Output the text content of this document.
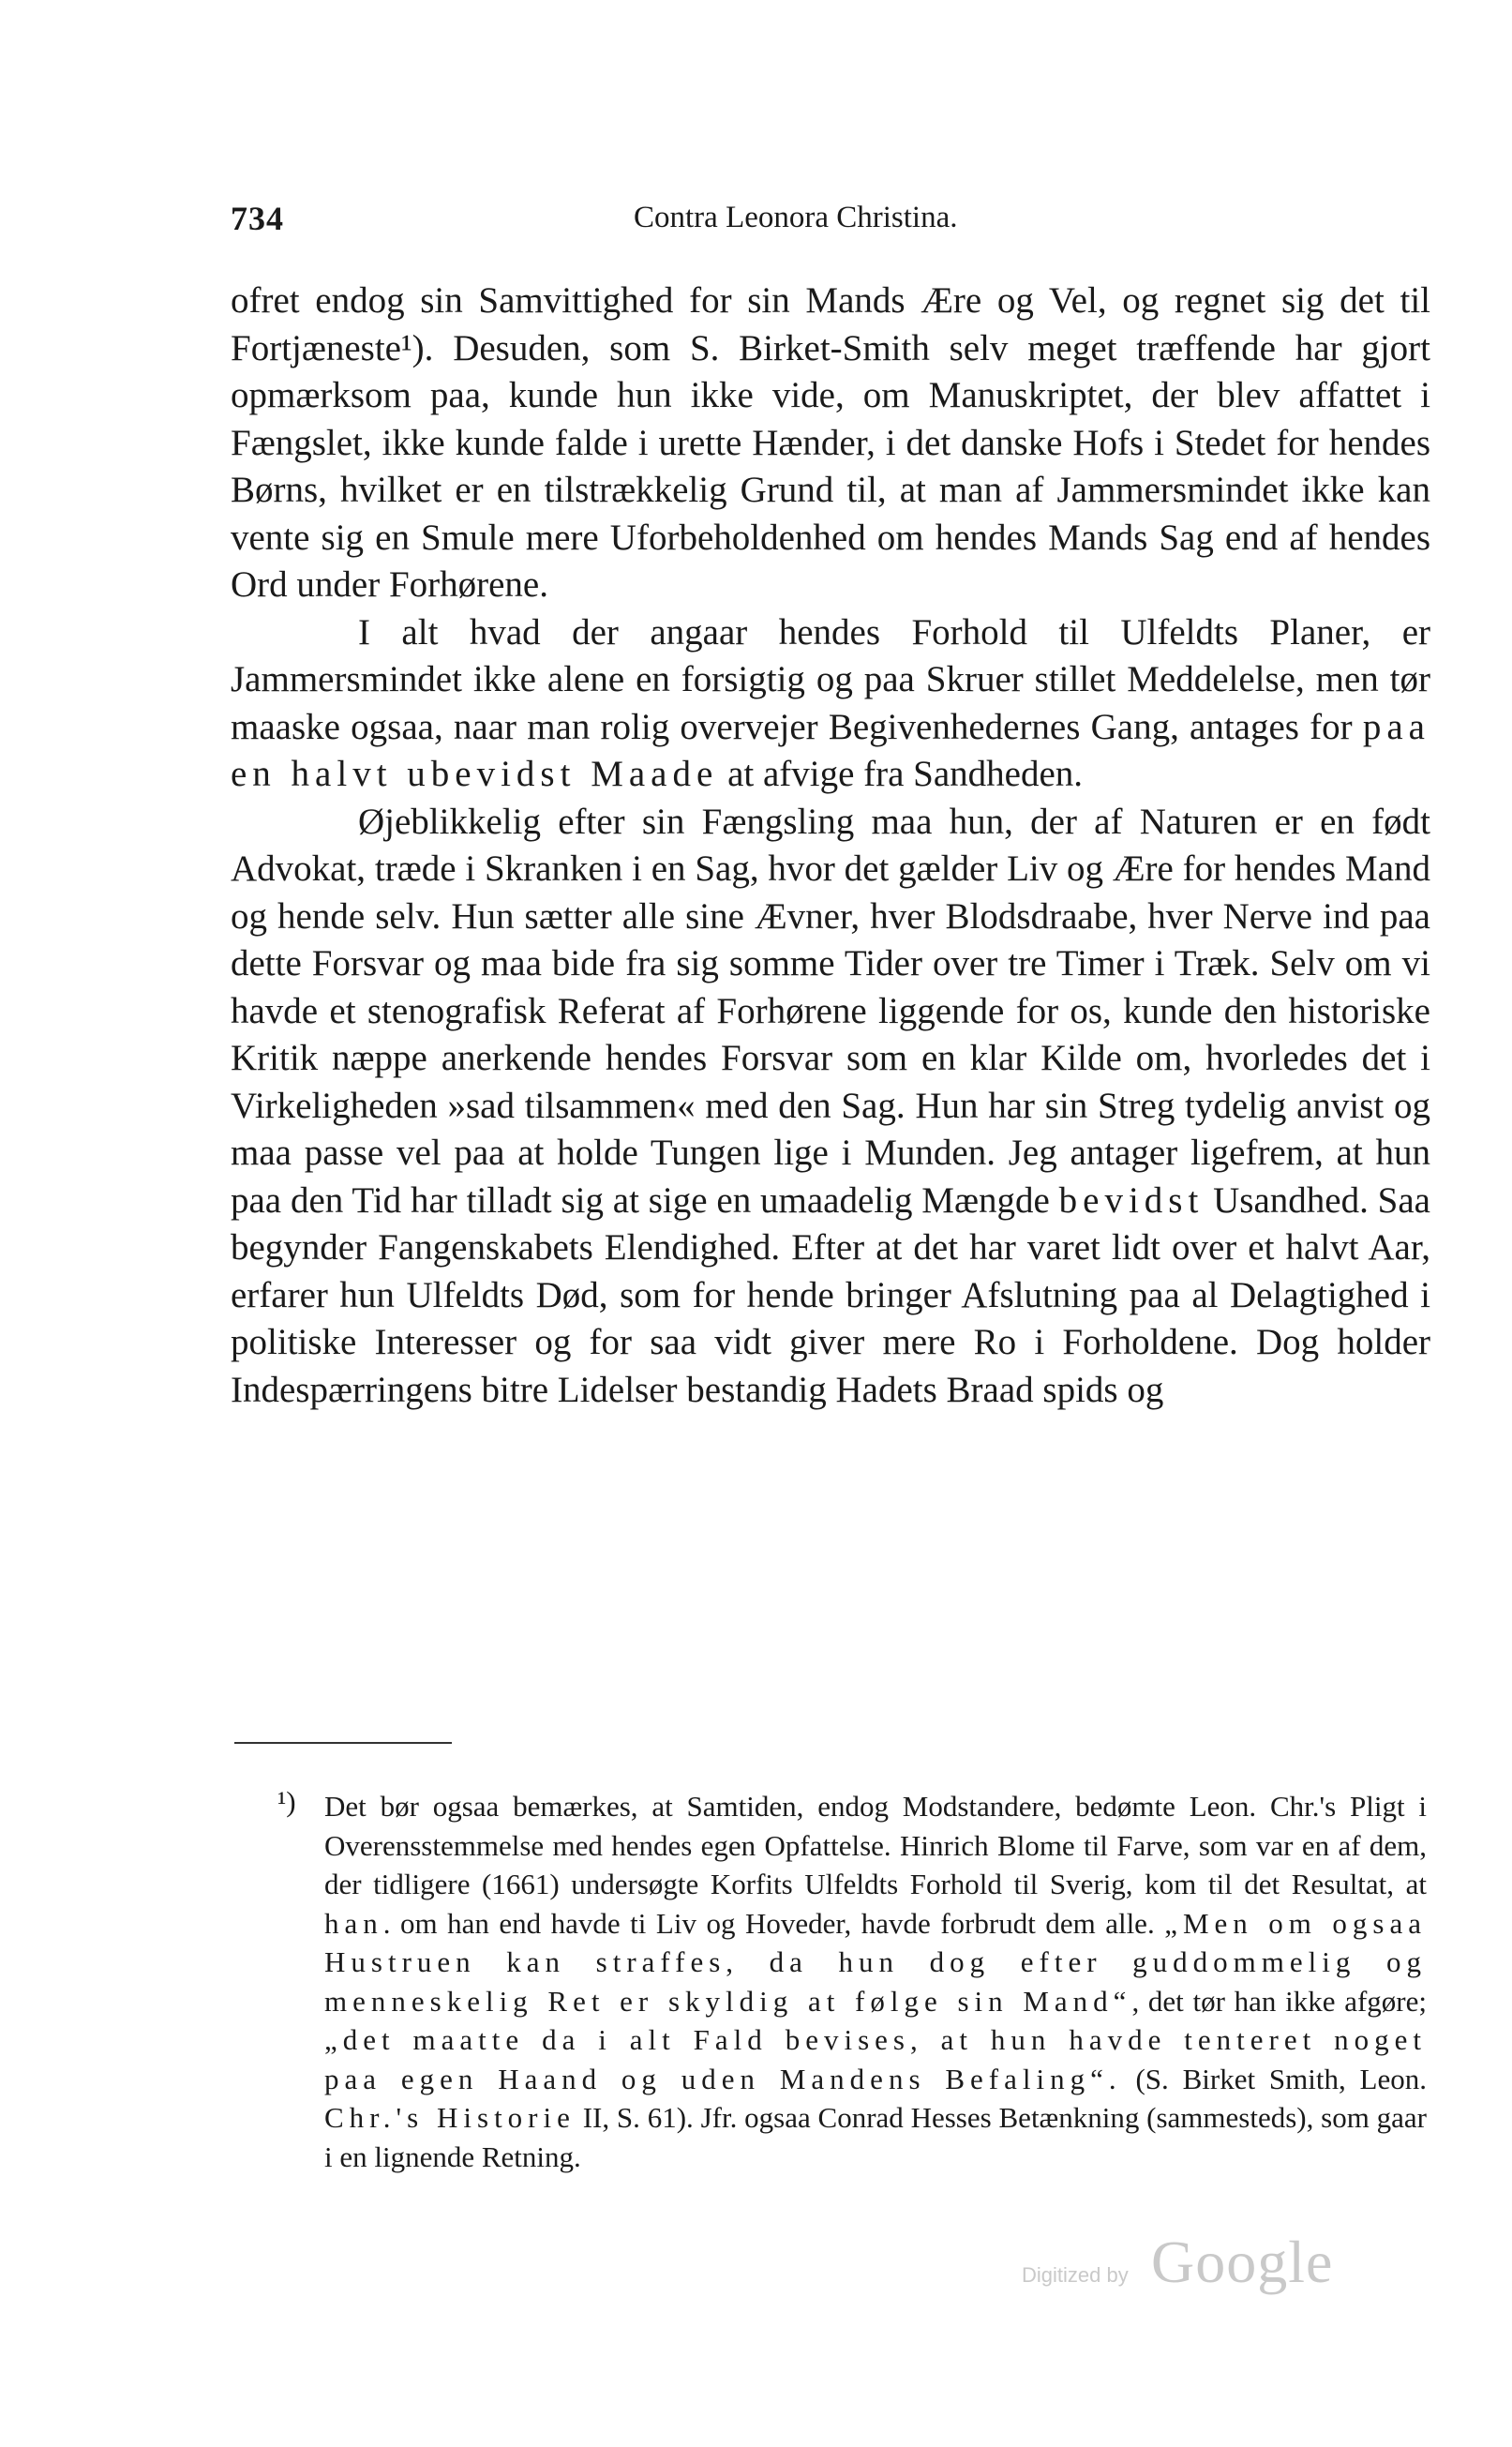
734	Contra Leonora Christina.

ofret endog sin Samvittighed for sin Mands Ære og Vel, og regnet sig det til Fortjæneste¹). Desuden, som S. Birket-Smith selv meget træffende har gjort opmærksom paa, kunde hun ikke vide, om Manuskriptet, der blev affattet i Fængslet, ikke kunde falde i urette Hænder, i det danske Hofs i Stedet for hendes Børns, hvilket er en tilstrækkelig Grund til, at man af Jammersmindet ikke kan vente sig en Smule mere Uforbeholdenhed om hendes Mands Sag end af hendes Ord under Forhørene.

I alt hvad der angaar hendes Forhold til Ulfeldts Planer, er Jammersmindet ikke alene en forsigtig og paa Skruer stillet Meddelelse, men tør maaske ogsaa, naar man rolig overvejer Begivenhedernes Gang, antages for paa en halvt ubevidst Maade at afvige fra Sandheden.

Øjeblikkelig efter sin Fængsling maa hun, der af Naturen er en født Advokat, træde i Skranken i en Sag, hvor det gælder Liv og Ære for hendes Mand og hende selv. Hun sætter alle sine Ævner, hver Blodsdraabe, hver Nerve ind paa dette Forsvar og maa bide fra sig somme Tider over tre Timer i Træk. Selv om vi havde et stenografisk Referat af Forhørene liggende for os, kunde den historiske Kritik næppe anerkende hendes Forsvar som en klar Kilde om, hvorledes det i Virkeligheden »sad tilsammen« med den Sag. Hun har sin Streg tydelig anvist og maa passe vel paa at holde Tungen lige i Munden. Jeg antager ligefrem, at hun paa den Tid har tilladt sig at sige en umaadelig Mængde bevidst Usandhed. Saa begynder Fangenskabets Elendighed. Efter at det har varet lidt over et halvt Aar, erfarer hun Ulfeldts Død, som for hende bringer Afslutning paa al Delagtighed i politiske Interesser og for saa vidt giver mere Ro i Forholdene. Dog holder Indespærringens bitre Lidelser bestandig Hadets Braad spids og

¹) Det bør ogsaa bemærkes, at Samtiden, endog Modstandere, bedømte Leon. Chr.'s Pligt i Overensstemmelse med hendes egen Opfattelse. Hinrich Blome til Farve, som var en af dem, der tidligere (1661) undersøgte Korfits Ulfeldts Forhold til Sverig, kom til det Resultat, at han. om han end havde ti Liv og Hoveder, havde forbrudt dem alle. „Men om ogsaa Hustruen kan straffes, da hun dog efter guddommelig og menneskelig Ret er skyldig at følge sin Mand“, det tør han ikke afgøre; „det maatte da i alt Fald bevises, at hun havde tenteret noget paa egen Haand og uden Mandens Befaling“. (S. Birket Smith, Leon. Chr.'s Historie II, S. 61). Jfr. ogsaa Conrad Hesses Betænkning (sammesteds), som gaar i en lignende Retning.
Digitized by Google
